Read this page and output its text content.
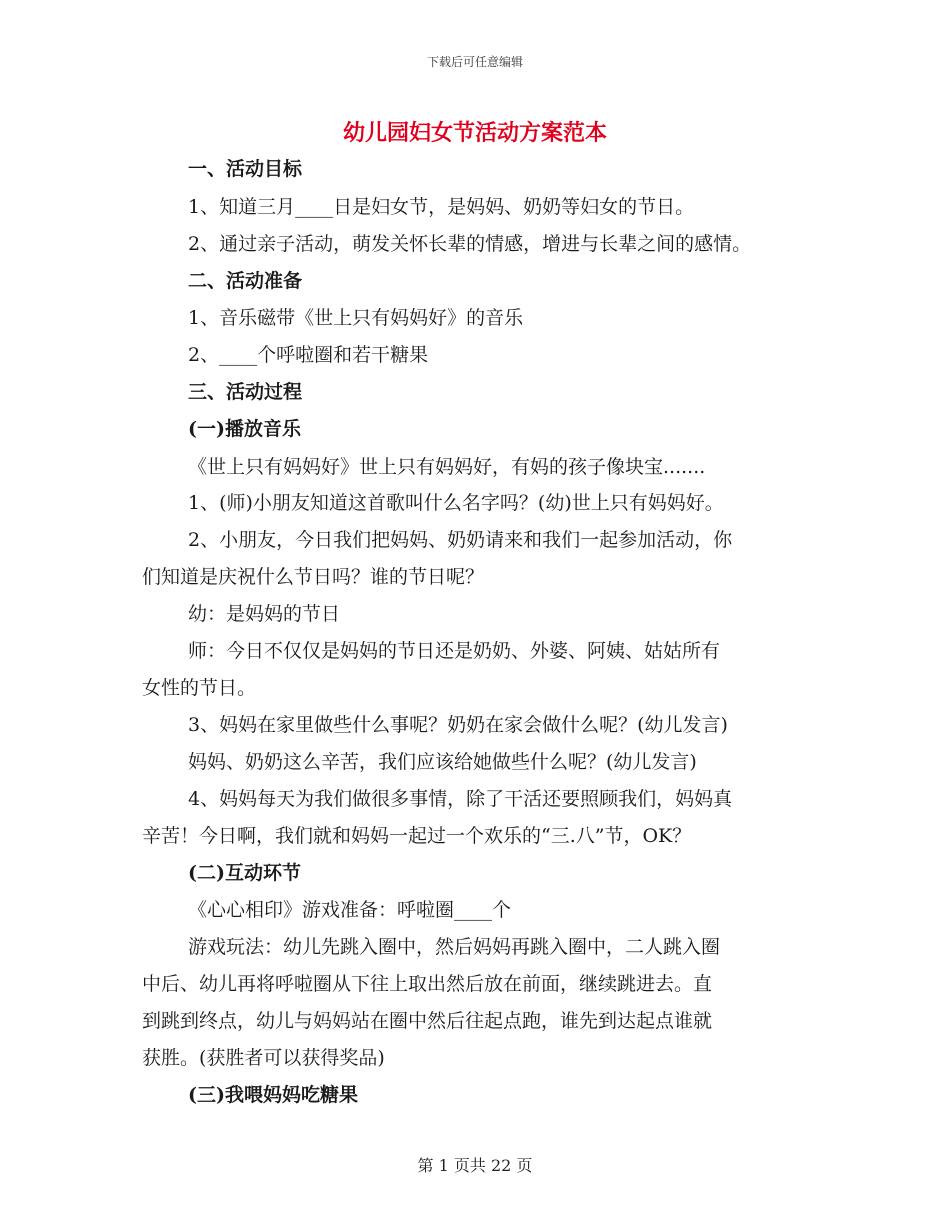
下载后可任意编辑
幼儿园妇女节活动方案范本
一、活动目标
1、知道三月____日是妇女节，是妈妈、奶奶等妇女的节日。
2、通过亲子活动，萌发关怀长辈的情感，增进与长辈之间的感情。
二、活动准备
1、音乐磁带《世上只有妈妈好》的音乐
2、____个呼啦圈和若干糖果
三、活动过程
(一)播放音乐
《世上只有妈妈好》世上只有妈妈好，有妈的孩子像块宝.......
1、(师)小朋友知道这首歌叫什么名字吗？(幼)世上只有妈妈好。
2、小朋友，今日我们把妈妈、奶奶请来和我们一起参加活动，你
们知道是庆祝什么节日吗？谁的节日呢？
幼：是妈妈的节日
师：今日不仅仅是妈妈的节日还是奶奶、外婆、阿姨、姑姑所有
女性的节日。
3、妈妈在家里做些什么事呢？奶奶在家会做什么呢？(幼儿发言)
妈妈、奶奶这么辛苦，我们应该给她做些什么呢？(幼儿发言)
4、妈妈每天为我们做很多事情，除了干活还要照顾我们，妈妈真
辛苦！今日啊，我们就和妈妈一起过一个欢乐的“三.八”节，OK？
(二)互动环节
《心心相印》游戏准备：呼啦圈____个
游戏玩法：幼儿先跳入圈中，然后妈妈再跳入圈中，二人跳入圈
中后、幼儿再将呼啦圈从下往上取出然后放在前面，继续跳进去。直
到跳到终点，幼儿与妈妈站在圈中然后往起点跑，谁先到达起点谁就
获胜。(获胜者可以获得奖品)
(三)我喂妈妈吃糖果
第 1 页共 22 页
